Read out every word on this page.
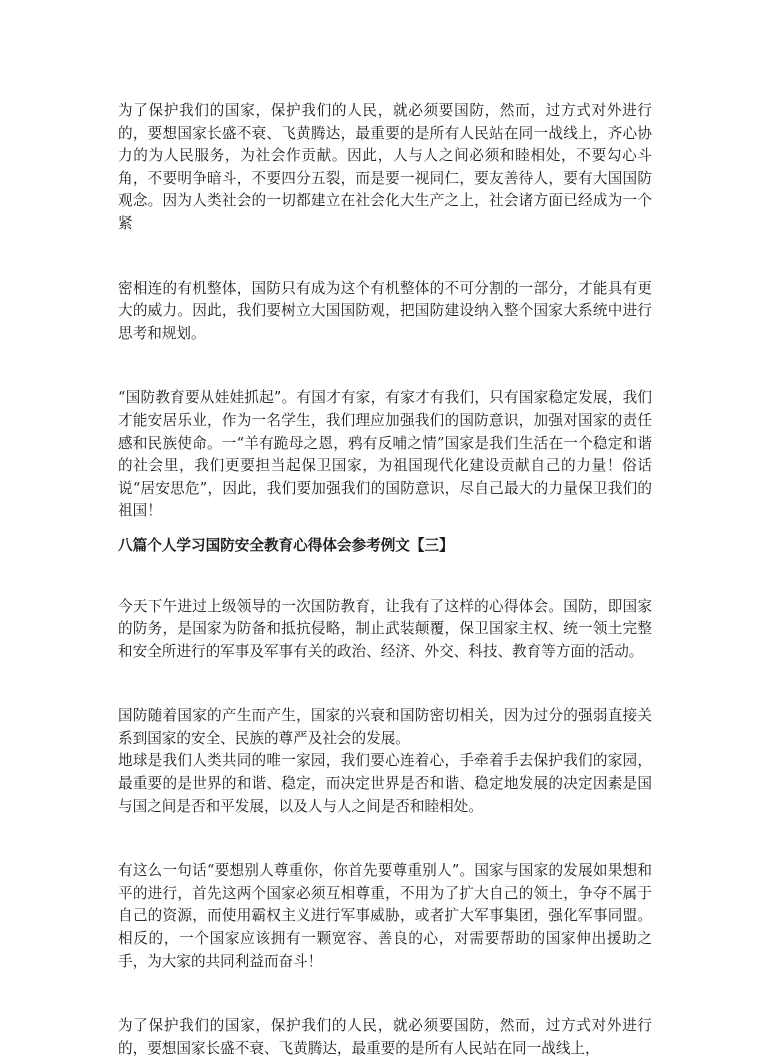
为了保护我们的国家，保护我们的人民，就必须要国防，然而，过方式对外进行的，要想国家长盛不衰、飞黄腾达，最重要的是所有人民站在同一战线上，齐心协力的为人民服务，为社会作贡献。因此，人与人之间必须和睦相处，不要勾心斗角，不要明争暗斗，不要四分五裂，而是要一视同仁，要友善待人，要有大国国防观念。因为人类社会的一切都建立在社会化大生产之上，社会诸方面已经成为一个紧

密相连的有机整体，国防只有成为这个有机整体的不可分割的一部分，才能具有更大的威力。因此，我们要树立大国国防观，把国防建设纳入整个国家大系统中进行思考和规划。

“国防教育要从娃娃抓起”。有国才有家，有家才有我们，只有国家稳定发展，我们才能安居乐业，作为一名学生，我们理应加强我们的国防意识，加强对国家的责任感和民族使命。一“羊有跪母之恩，鸦有反哺之情”国家是我们生活在一个稳定和谐的社会里，我们更要担当起保卫国家，为祖国现代化建设贡献自己的力量！俗话说“居安思危”，因此，我们要加强我们的国防意识，尽自己最大的力量保卫我们的祖国！

八篇个人学习国防安全教育心得体会参考例文【三】

今天下午进过上级领导的一次国防教育，让我有了这样的心得体会。国防，即国家的防务，是国家为防备和抵抗侵略，制止武装颠覆，保卫国家主权、统一领土完整和安全所进行的军事及军事有关的政治、经济、外交、科技、教育等方面的活动。

国防随着国家的产生而产生，国家的兴衰和国防密切相关，因为过分的强弱直接关系到国家的安全、民族的尊严及社会的发展。

地球是我们人类共同的唯一家园，我们要心连着心，手牵着手去保护我们的家园，最重要的是世界的和谐、稳定，而决定世界是否和谐、稳定地发展的决定因素是国与国之间是否和平发展，以及人与人之间是否和睦相处。

有这么一句话“要想别人尊重你，你首先要尊重别人”。国家与国家的发展如果想和平的进行，首先这两个国家必须互相尊重，不用为了扩大自己的领土，争夺不属于自己的资源，而使用霸权主义进行军事威胁，或者扩大军事集团，强化军事同盟。相反的，一个国家应该拥有一颗宽容、善良的心，对需要帮助的国家伸出援助之手，为大家的共同利益而奋斗！

为了保护我们的国家，保护我们的人民，就必须要国防，然而，过方式对外进行的，要想国家长盛不衰、飞黄腾达，最重要的是所有人民站在同一战线上，
